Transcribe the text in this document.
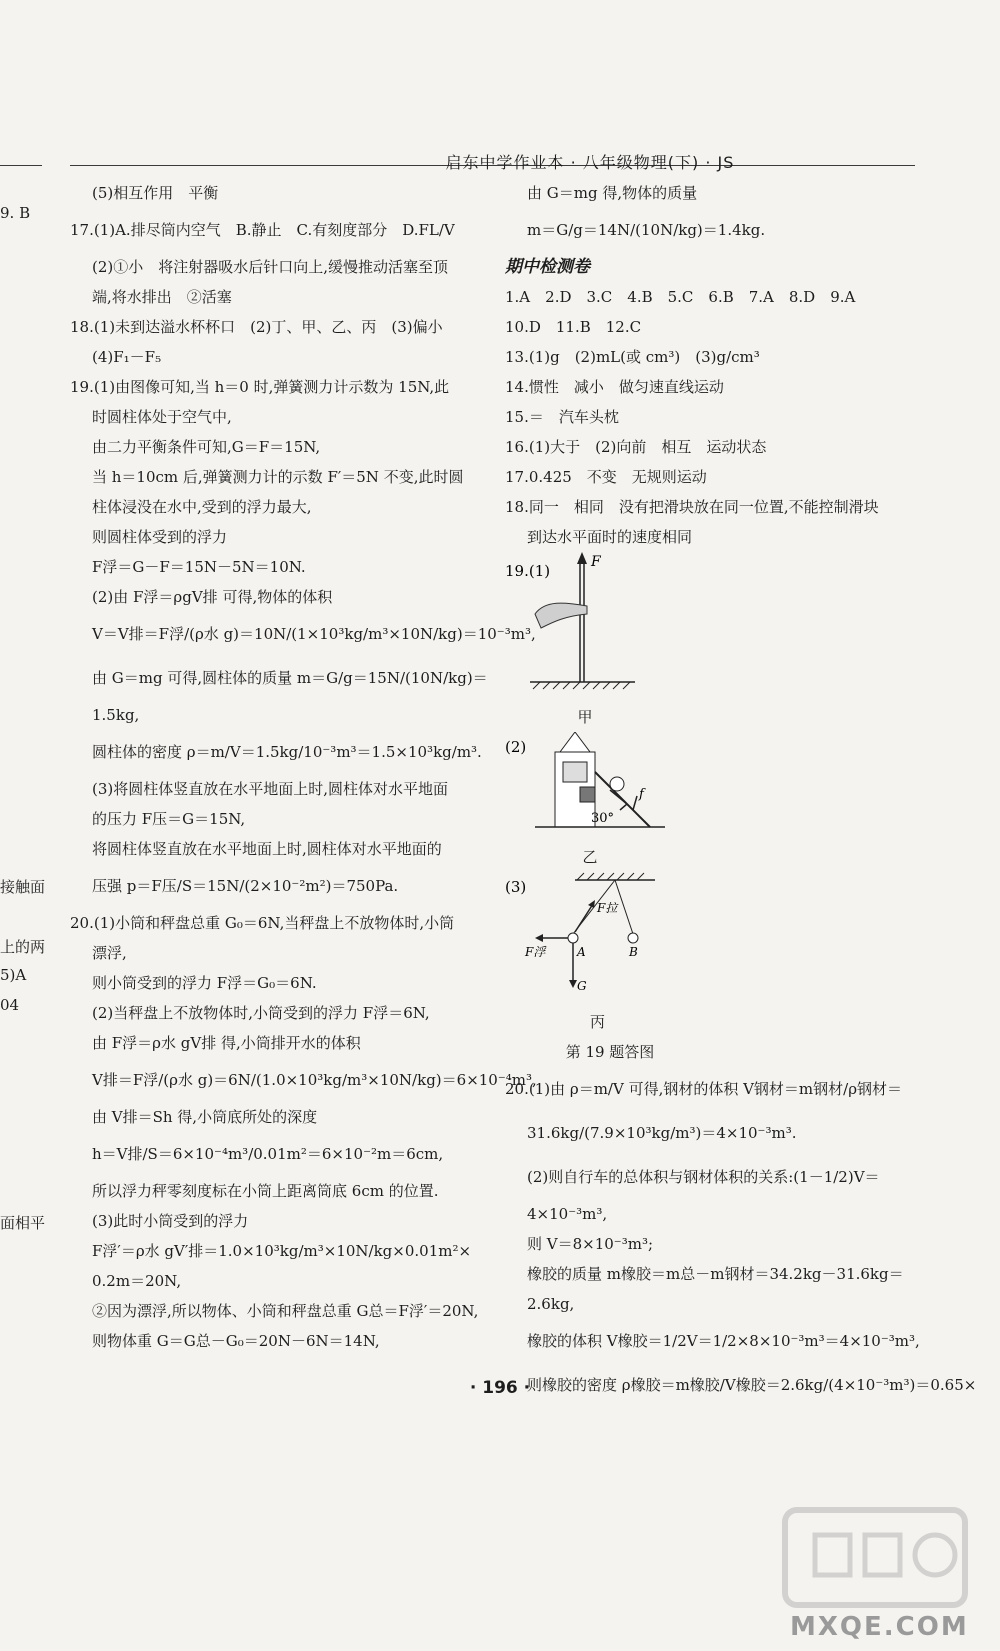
启东中学作业本 · 八年级物理(下) · JS
9. B
接触面
上的两
5)A
04
面相平
(5)相互作用　平衡
17.(1)A.排尽筒内空气　B.静止　C.有刻度部分　D.FL/V
(2)①小　将注射器吸水后针口向上,缓慢推动活塞至顶
端,将水排出　②活塞
18.(1)未到达溢水杯杯口　(2)丁、甲、乙、丙　(3)偏小
(4)F₁－F₅
19.(1)由图像可知,当 h＝0 时,弹簧测力计示数为 15N,此
时圆柱体处于空气中,
由二力平衡条件可知,G＝F＝15N,
当 h＝10cm 后,弹簧测力计的示数 F′＝5N 不变,此时圆
柱体浸没在水中,受到的浮力最大,
则圆柱体受到的浮力
F浮＝G－F＝15N－5N＝10N.
(2)由 F浮＝ρgV排 可得,物体的体积
V＝V排＝F浮/(ρ水 g)＝10N/(1×10³kg/m³×10N/kg)＝10⁻³m³,
由 G＝mg 可得,圆柱体的质量 m＝G/g＝15N/(10N/kg)＝
1.5kg,
圆柱体的密度 ρ＝m/V＝1.5kg/10⁻³m³＝1.5×10³kg/m³.
(3)将圆柱体竖直放在水平地面上时,圆柱体对水平地面
的压力 F压＝G＝15N,
将圆柱体竖直放在水平地面上时,圆柱体对水平地面的
压强 p＝F压/S＝15N/(2×10⁻²m²)＝750Pa.
20.(1)小筒和秤盘总重 G₀＝6N,当秤盘上不放物体时,小筒
漂浮,
则小筒受到的浮力 F浮＝G₀＝6N.
(2)当秤盘上不放物体时,小筒受到的浮力 F浮＝6N,
由 F浮＝ρ水 gV排 得,小筒排开水的体积
V排＝F浮/(ρ水 g)＝6N/(1.0×10³kg/m³×10N/kg)＝6×10⁻⁴m³,
由 V排＝Sh 得,小筒底所处的深度
h＝V排/S＝6×10⁻⁴m³/0.01m²＝6×10⁻²m＝6cm,
所以浮力秤零刻度标在小筒上距离筒底 6cm 的位置.
(3)此时小筒受到的浮力
F浮′＝ρ水 gV′排＝1.0×10³kg/m³×10N/kg×0.01m²×
0.2m＝20N,
②因为漂浮,所以物体、小筒和秤盘总重 G总＝F浮′＝20N,
则物体重 G＝G总－G₀＝20N－6N＝14N,
由 G＝mg 得,物体的质量
m＝G/g＝14N/(10N/kg)＝1.4kg.
期中检测卷
1.A　2.D　3.C　4.B　5.C　6.B　7.A　8.D　9.A
10.D　11.B　12.C
13.(1)g　(2)mL(或 cm³)　(3)g/cm³
14.惯性　减小　做匀速直线运动
15.＝　汽车头枕
16.(1)大于　(2)向前　相互　运动状态
17.0.425　不变　无规则运动
18.同一　相同　没有把滑块放在同一位置,不能控制滑块
到达水平面时的速度相同
19.(1)	F
甲
(2)
f
30°
乙
(3)
F拉
F浮
G
A	B
丙
第 19 题答图
20.(1)由 ρ＝m/V 可得,钢材的体积 V钢材＝m钢材/ρ钢材＝
31.6kg/(7.9×10³kg/m³)＝4×10⁻³m³.
(2)则自行车的总体积与钢材体积的关系:(1－1/2)V＝
4×10⁻³m³,
则 V＝8×10⁻³m³;
橡胶的质量 m橡胶＝m总－m钢材＝34.2kg－31.6kg＝
2.6kg,
橡胶的体积 V橡胶＝1/2V＝1/2×8×10⁻³m³＝4×10⁻³m³,
则橡胶的密度 ρ橡胶＝m橡胶/V橡胶＝2.6kg/(4×10⁻³m³)＝0.65×
· 196 ·
MXQE.COM
